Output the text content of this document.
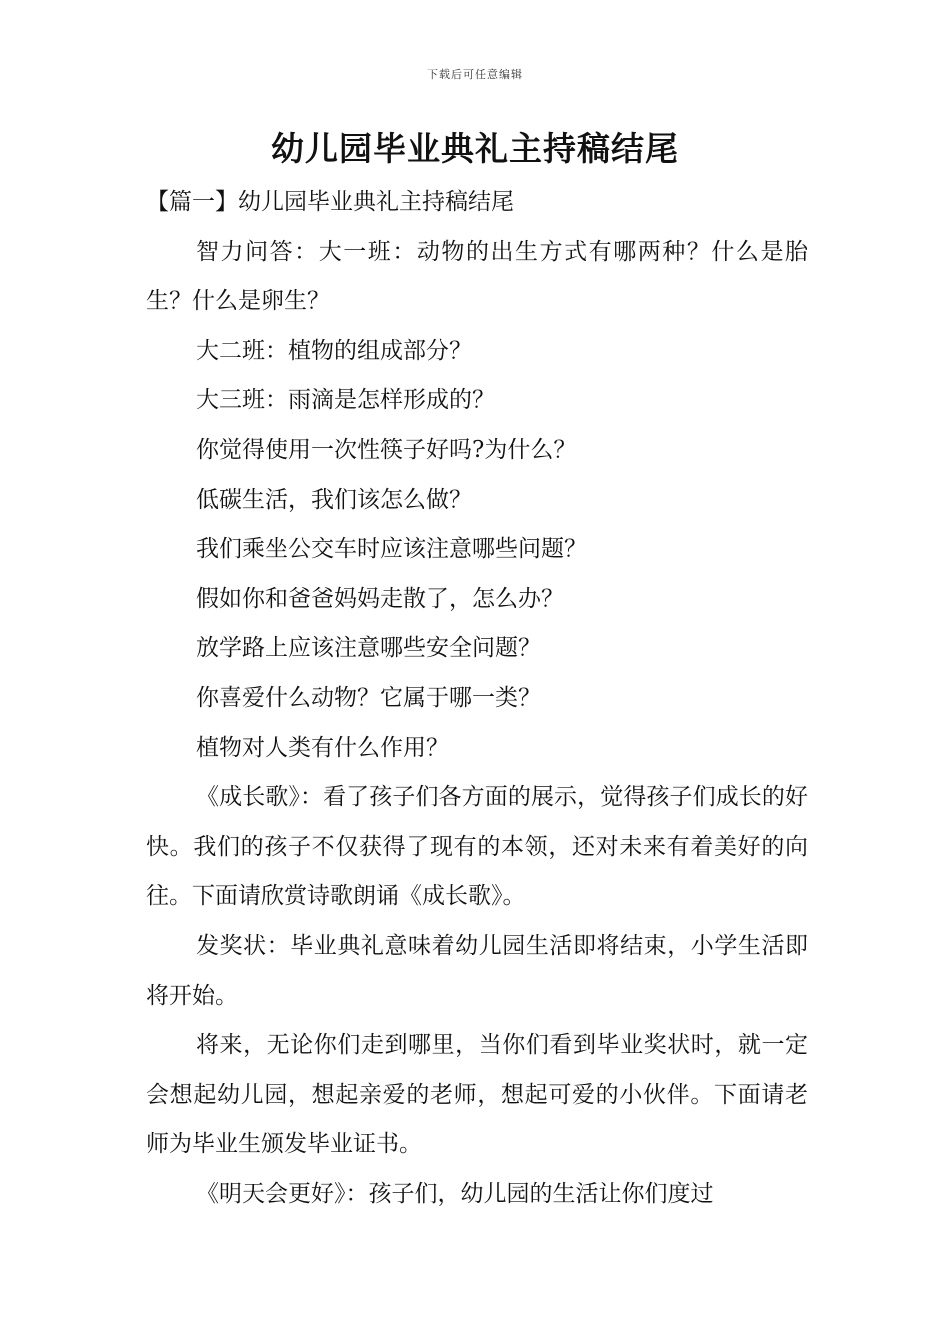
下载后可任意编辑
幼儿园毕业典礼主持稿结尾

【篇一】幼儿园毕业典礼主持稿结尾

智力问答：大一班：动物的出生方式有哪两种？什么是胎生？什么是卵生？

大二班：植物的组成部分？

大三班：雨滴是怎样形成的？

你觉得使用一次性筷子好吗?为什么？

低碳生活，我们该怎么做？

我们乘坐公交车时应该注意哪些问题？

假如你和爸爸妈妈走散了，怎么办？

放学路上应该注意哪些安全问题？

你喜爱什么动物？它属于哪一类？

植物对人类有什么作用？

《成长歌》：看了孩子们各方面的展示，觉得孩子们成长的好快。我们的孩子不仅获得了现有的本领，还对未来有着美好的向往。下面请欣赏诗歌朗诵《成长歌》。

发奖状：毕业典礼意味着幼儿园生活即将结束，小学生活即将开始。

将来，无论你们走到哪里，当你们看到毕业奖状时，就一定会想起幼儿园，想起亲爱的老师，想起可爱的小伙伴。下面请老师为毕业生颁发毕业证书。

《明天会更好》：孩子们，幼儿园的生活让你们度过
